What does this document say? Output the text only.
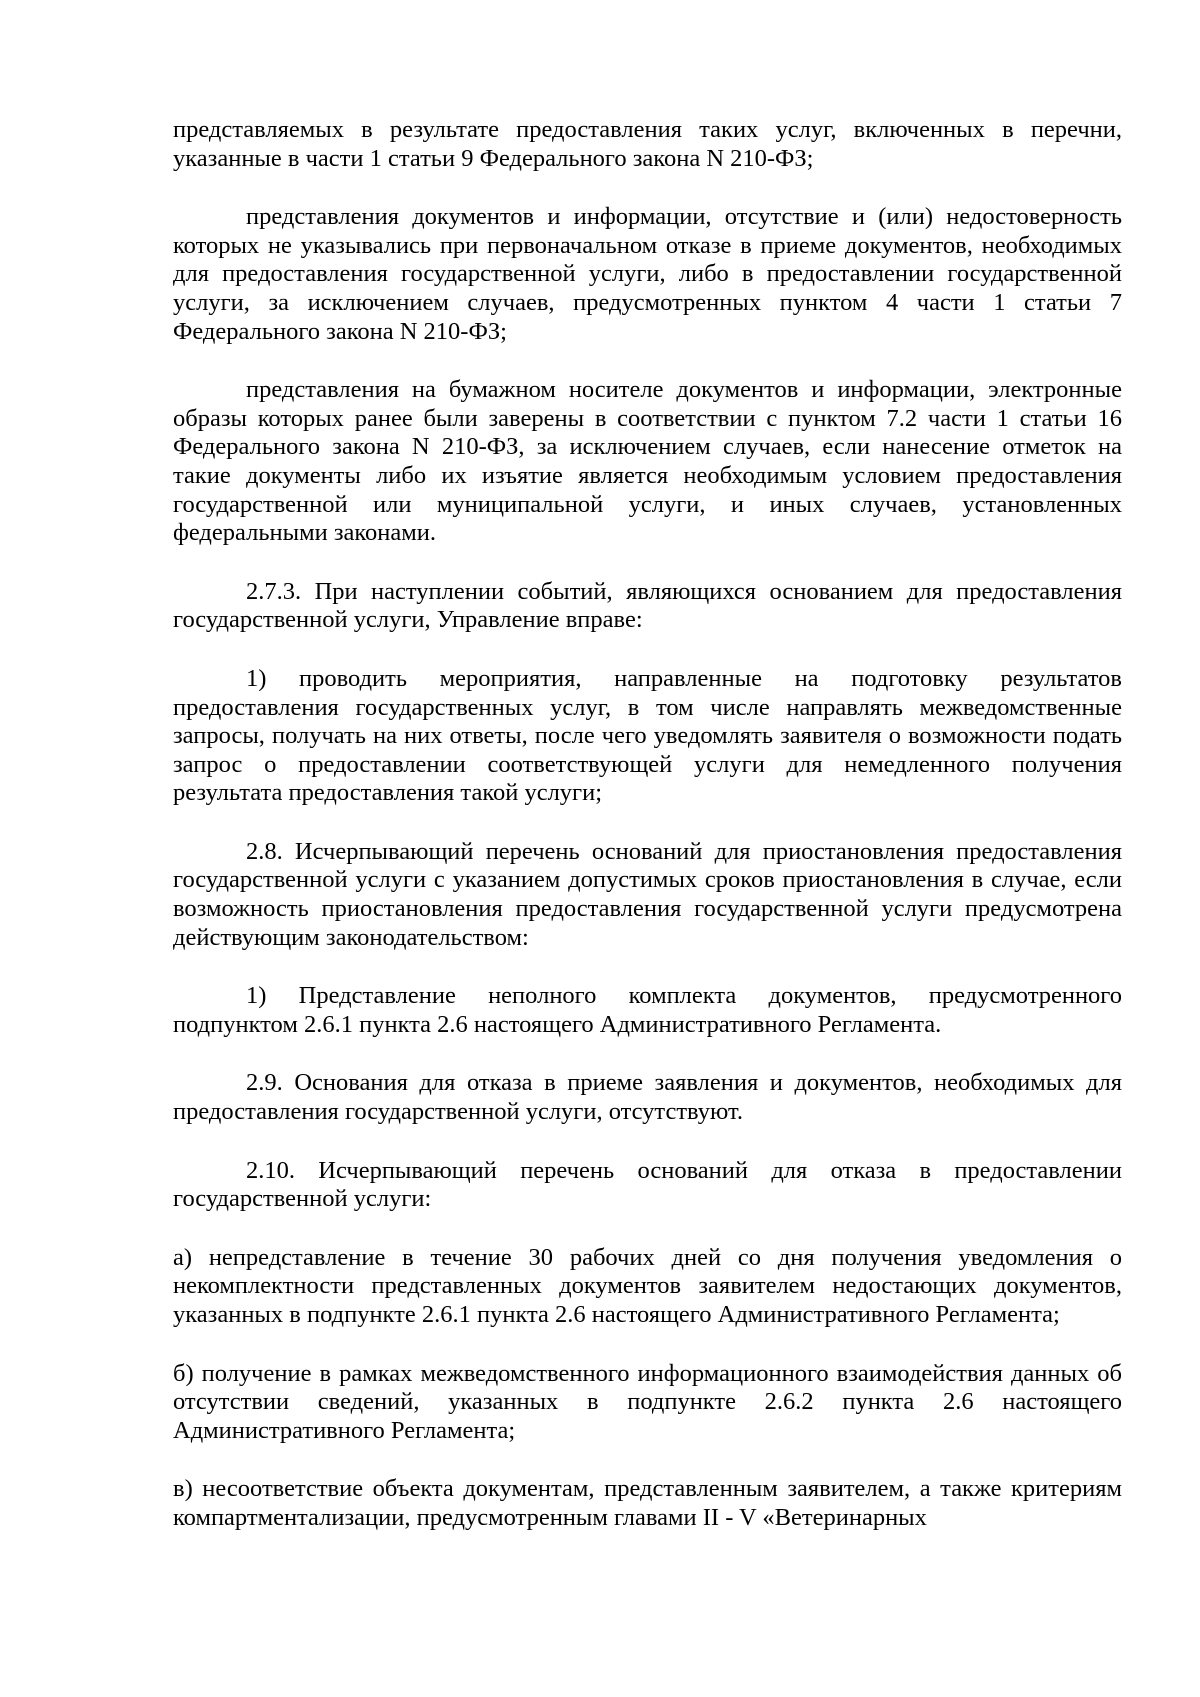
представляемых в результате предоставления таких услуг, включенных в перечни, указанные в части 1 статьи 9 Федерального закона N 210-ФЗ;

представления документов и информации, отсутствие и (или) недостоверность которых не указывались при первоначальном отказе в приеме документов, необходимых для предоставления государственной услуги, либо в предоставлении государственной услуги, за исключением случаев, предусмотренных пунктом 4 части 1 статьи 7 Федерального закона N 210-ФЗ;

представления на бумажном носителе документов и информации, электронные образы которых ранее были заверены в соответствии с пунктом 7.2 части 1 статьи 16 Федерального закона N 210-ФЗ, за исключением случаев, если нанесение отметок на такие документы либо их изъятие является необходимым условием предоставления государственной или муниципальной услуги, и иных случаев, установленных федеральными законами.

2.7.3. При наступлении событий, являющихся основанием для предоставления государственной услуги, Управление вправе:

1) проводить мероприятия, направленные на подготовку результатов предоставления государственных услуг, в том числе направлять межведомственные запросы, получать на них ответы, после чего уведомлять заявителя о возможности подать запрос о предоставлении соответствующей услуги для немедленного получения результата предоставления такой услуги;

2.8. Исчерпывающий перечень оснований для приостановления предоставления государственной услуги с указанием допустимых сроков приостановления в случае, если возможность приостановления предоставления государственной услуги предусмотрена действующим законодательством:

1) Представление неполного комплекта документов, предусмотренного подпунктом 2.6.1 пункта 2.6 настоящего Административного Регламента.

2.9. Основания для отказа в приеме заявления и документов, необходимых для предоставления государственной услуги, отсутствуют.

2.10. Исчерпывающий перечень оснований для отказа в предоставлении государственной услуги:

а) непредставление в течение 30 рабочих дней со дня получения уведомления о некомплектности представленных документов заявителем недостающих документов, указанных в подпункте 2.6.1 пункта 2.6 настоящего Административного Регламента;

б) получение в рамках межведомственного информационного взаимодействия данных об отсутствии сведений, указанных в подпункте 2.6.2 пункта 2.6 настоящего Административного Регламента;

в) несоответствие объекта документам, представленным заявителем, а также критериям компартментализации, предусмотренным главами II - V «Ветеринарных
